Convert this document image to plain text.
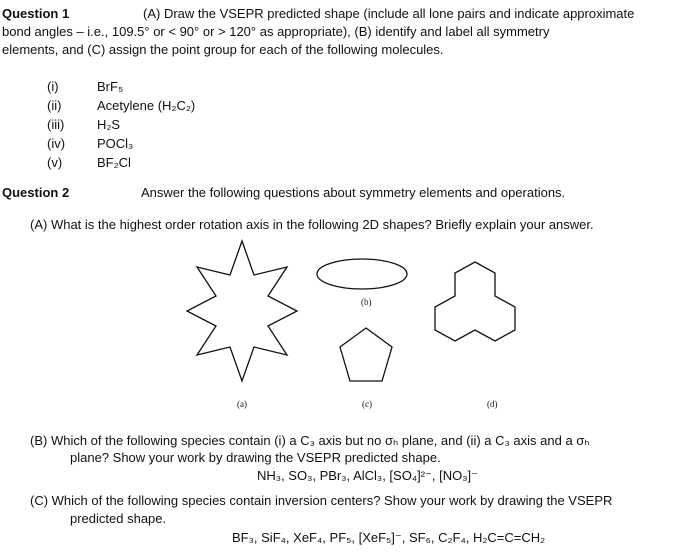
Question 1	(A) Draw the VSEPR predicted shape (include all lone pairs and indicate approximate
bond angles – i.e., 109.5° or < 90° or > 120° as appropriate), (B) identify and label all symmetry
elements, and (C) assign the point group for each of the following molecules.
(i)	BrF₅
(ii)	Acetylene (H₂C₂)
(iii)	H₂S
(iv) POCl₃
(v)	BF₂Cl
Question 2	Answer the following questions about symmetry elements and operations.
(A) What is the highest order rotation axis in the following 2D shapes? Briefly explain your answer.
(a)
(b)
(c)	(d)
(B) Which of the following species contain (i) a C₃ axis but no σₕ plane, and (ii) a C₃ axis and a σₕ
plane? Show your work by drawing the VSEPR predicted shape.
NH₃, SO₃, PBr₃, AlCl₃, [SO₄]²⁻, [NO₃]⁻
(C) Which of the following species contain inversion centers? Show your work by drawing the VSEPR
predicted shape.
BF₃, SiF₄, XeF₄, PF₅, [XeF₅]⁻, SF₆, C₂F₄, H₂C=C=CH₂
